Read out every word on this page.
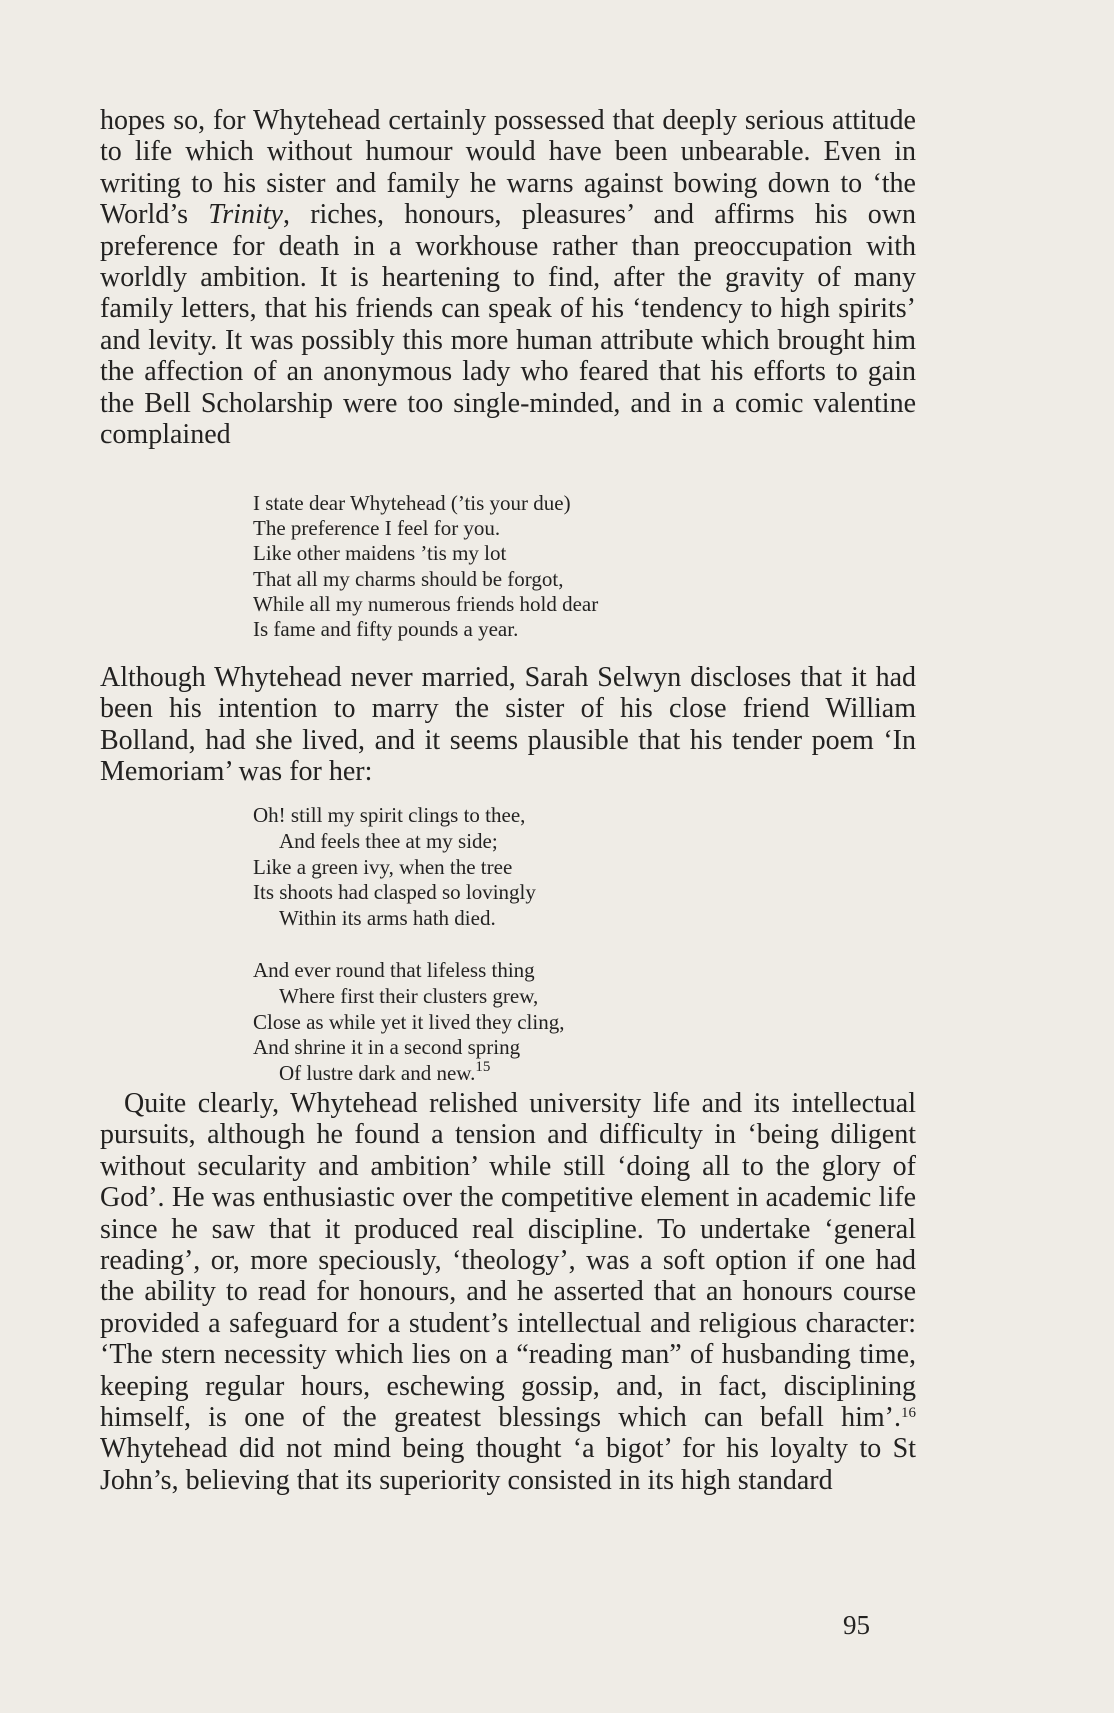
hopes so, for Whytehead certainly possessed that deeply serious attitude to life which without humour would have been unbearable. Even in writing to his sister and family he warns against bowing down to ‘the World’s Trinity, riches, honours, pleasures’ and affirms his own preference for death in a workhouse rather than preoccupation with worldly ambition. It is heartening to find, after the gravity of many family letters, that his friends can speak of his ‘tendency to high spirits’ and levity. It was possibly this more human attribute which brought him the affection of an anonymous lady who feared that his efforts to gain the Bell Scholarship were too single-minded, and in a comic valentine complained

I state dear Whytehead (’tis your due)
The preference I feel for you.
Like other maidens ’tis my lot
That all my charms should be forgot,
While all my numerous friends hold dear
Is fame and fifty pounds a year.

Although Whytehead never married, Sarah Selwyn discloses that it had been his intention to marry the sister of his close friend William Bolland, had she lived, and it seems plausible that his tender poem ‘In Memoriam’ was for her:

Oh! still my spirit clings to thee,
And feels thee at my side;
Like a green ivy, when the tree
Its shoots had clasped so lovingly
Within its arms hath died.
And ever round that lifeless thing
Where first their clusters grew,
Close as while yet it lived they cling,
And shrine it in a second spring
Of lustre dark and new.$^{15}$

Quite clearly, Whytehead relished university life and its intellectual pursuits, although he found a tension and difficulty in ‘being diligent without secularity and ambition’ while still ‘doing all to the glory of God’. He was enthusiastic over the competitive element in academic life since he saw that it produced real discipline. To undertake ‘general reading’, or, more speciously, ‘theology’, was a soft option if one had the ability to read for honours, and he asserted that an honours course provided a safeguard for a student’s intellectual and religious character: ‘The stern necessity which lies on a “reading man” of husbanding time, keeping regular hours, eschewing gossip, and, in fact, disciplining himself, is one of the greatest blessings which can befall him’.$^{16}$ Whytehead did not mind being thought ‘a bigot’ for his loyalty to St John’s, believing that its superiority consisted in its high standard

95
